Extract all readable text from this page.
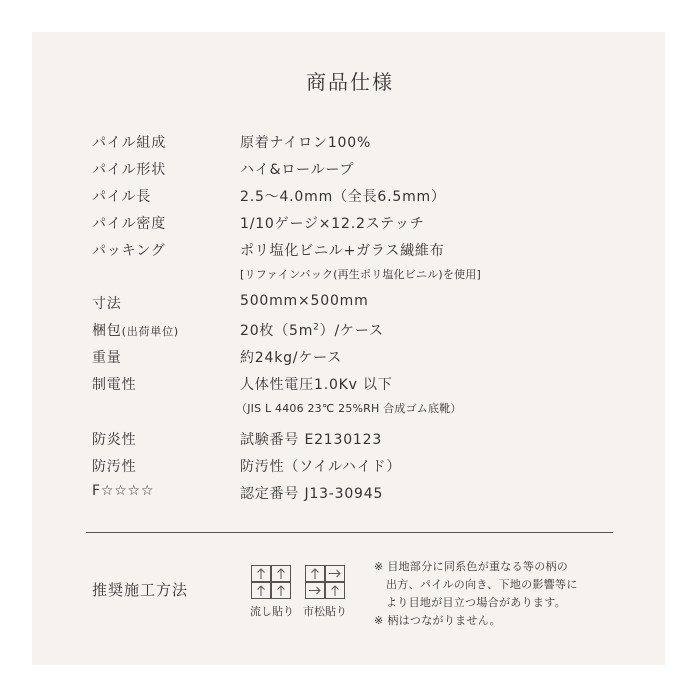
商品仕様
パイル組成	原着ナイロン100%
パイル形状	ハイ&ローループ
パイル長	2.5～4.0mm（全長6.5mm）
パイル密度	1/10ゲージ×12.2ステッチ
パッキング	ポリ塩化ビニル+ガラス繊維布
[リファインバック(再生ポリ塩化ビニル)を使用]
寸法	500mm×500mm
梱包(出荷単位)	20枚$(5m^2)/$ケース
重量	約24kg/ケース
制電性	人体性電圧1.0Kv 以下
（JIS L 4406 23℃ 25%RH 合成ゴム底靴）
防炎性	試験番号 E2130123
防汚性	防汚性（ソイルハイド）
F☆☆☆☆	認定番号 J13-30945
推奨施工方法
流し貼り 市松貼り
※ 目地部分に同系色が重なる等の柄の
出方、パイルの向き、下地の影響等に
より目地が目立つ場合があります。
※ 柄はつながりません。
